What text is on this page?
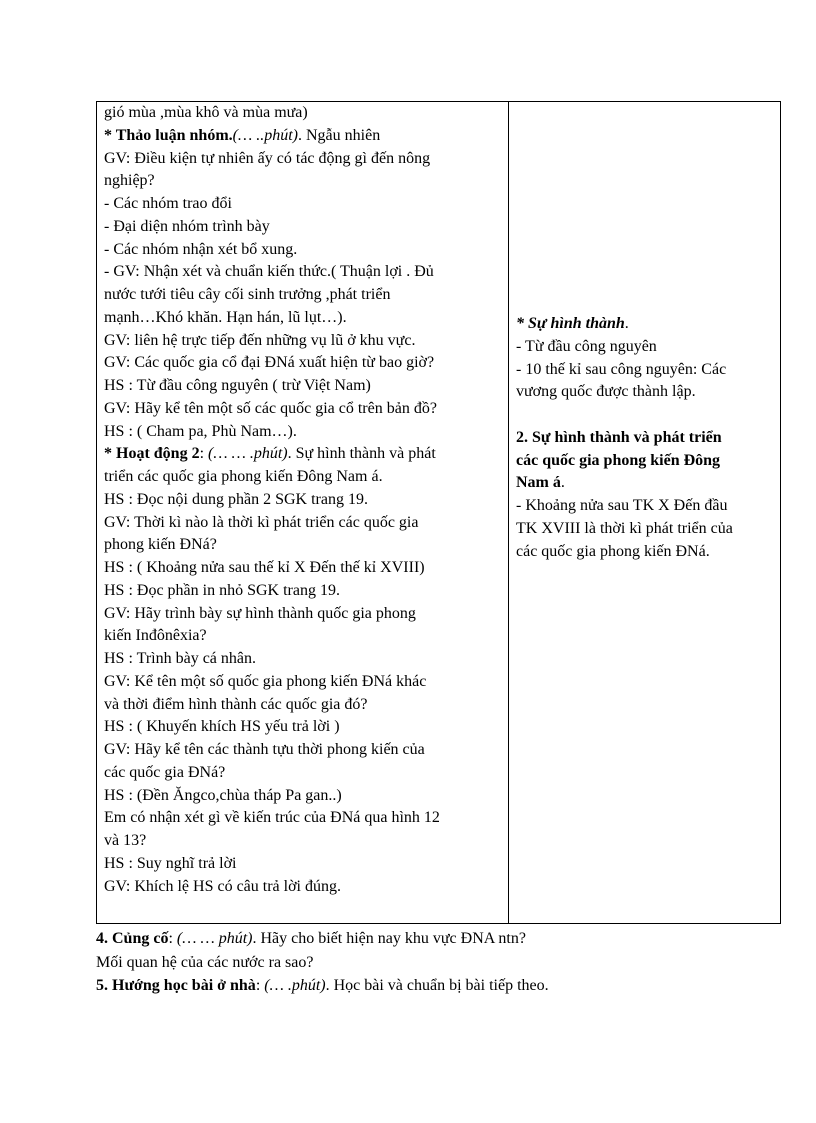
gió mùa ,mùa khô và mùa mưa)
* Thảo luận nhóm.(… ..phút). Ngẫu nhiên
GV: Điều kiện tự nhiên ấy có tác động gì đến nông
nghiệp?
- Các nhóm trao đổi
- Đại diện nhóm trình bày
- Các nhóm nhận xét bổ xung.
- GV: Nhận xét và chuẩn kiến thức.( Thuận lợi . Đủ
nước tưới tiêu cây cối sinh trưởng ,phát triển
mạnh…Khó khăn. Hạn hán, lũ lụt…).
GV: liên hệ trực tiếp đến những vụ lũ ở khu vực.
GV: Các quốc gia cổ đại ĐNá xuất hiện từ bao giờ?
HS : Từ đầu công nguyên ( trừ Việt Nam)
GV: Hãy kể tên một số các quốc gia cổ trên bản đồ?
HS : ( Cham pa, Phù Nam…).
* Hoạt động 2: (… … .phút). Sự hình thành và phát
triển các quốc gia phong kiến Đông Nam á.
HS : Đọc nội dung phần 2 SGK trang 19.
GV: Thời kì nào là thời kì phát triển các quốc gia
phong kiến ĐNá?
HS : ( Khoảng nửa sau thế kỉ X Đến thế kỉ XVIII)
HS : Đọc phần in nhỏ SGK trang 19.
GV: Hãy trình bày sự hình thành quốc gia phong
kiến Inđônêxia?
HS : Trình bày cá nhân.
GV: Kể tên một số quốc gia phong kiến ĐNá khác
và thời điểm hình thành các quốc gia đó?
HS : ( Khuyến khích HS yếu trả lời )
GV: Hãy kể tên các thành tựu thời phong kiến của
các quốc gia ĐNá?
HS : (Đền Ăngco,chùa tháp Pa gan..)
Em có nhận xét gì về kiến trúc của ĐNá qua hình 12
và 13?
HS : Suy nghĩ trả lời
GV: Khích lệ HS có câu trả lời đúng.
* Sự hình thành.
- Từ đầu công nguyên
- 10 thế kỉ sau công nguyên: Các
vương quốc được thành lập.
2. Sự hình thành và phát triển
các quốc gia phong kiến Đông
Nam á.
- Khoảng nửa sau TK X Đến đầu
TK XVIII là thời kì phát triển của
các quốc gia phong kiến ĐNá.
4. Củng cố: (… … phút). Hãy cho biết hiện nay khu vực ĐNA ntn?
Mối quan hệ của các nước ra sao?
5. Hướng học bài ở nhà: (… .phút). Học bài và chuẩn bị bài tiếp theo.
